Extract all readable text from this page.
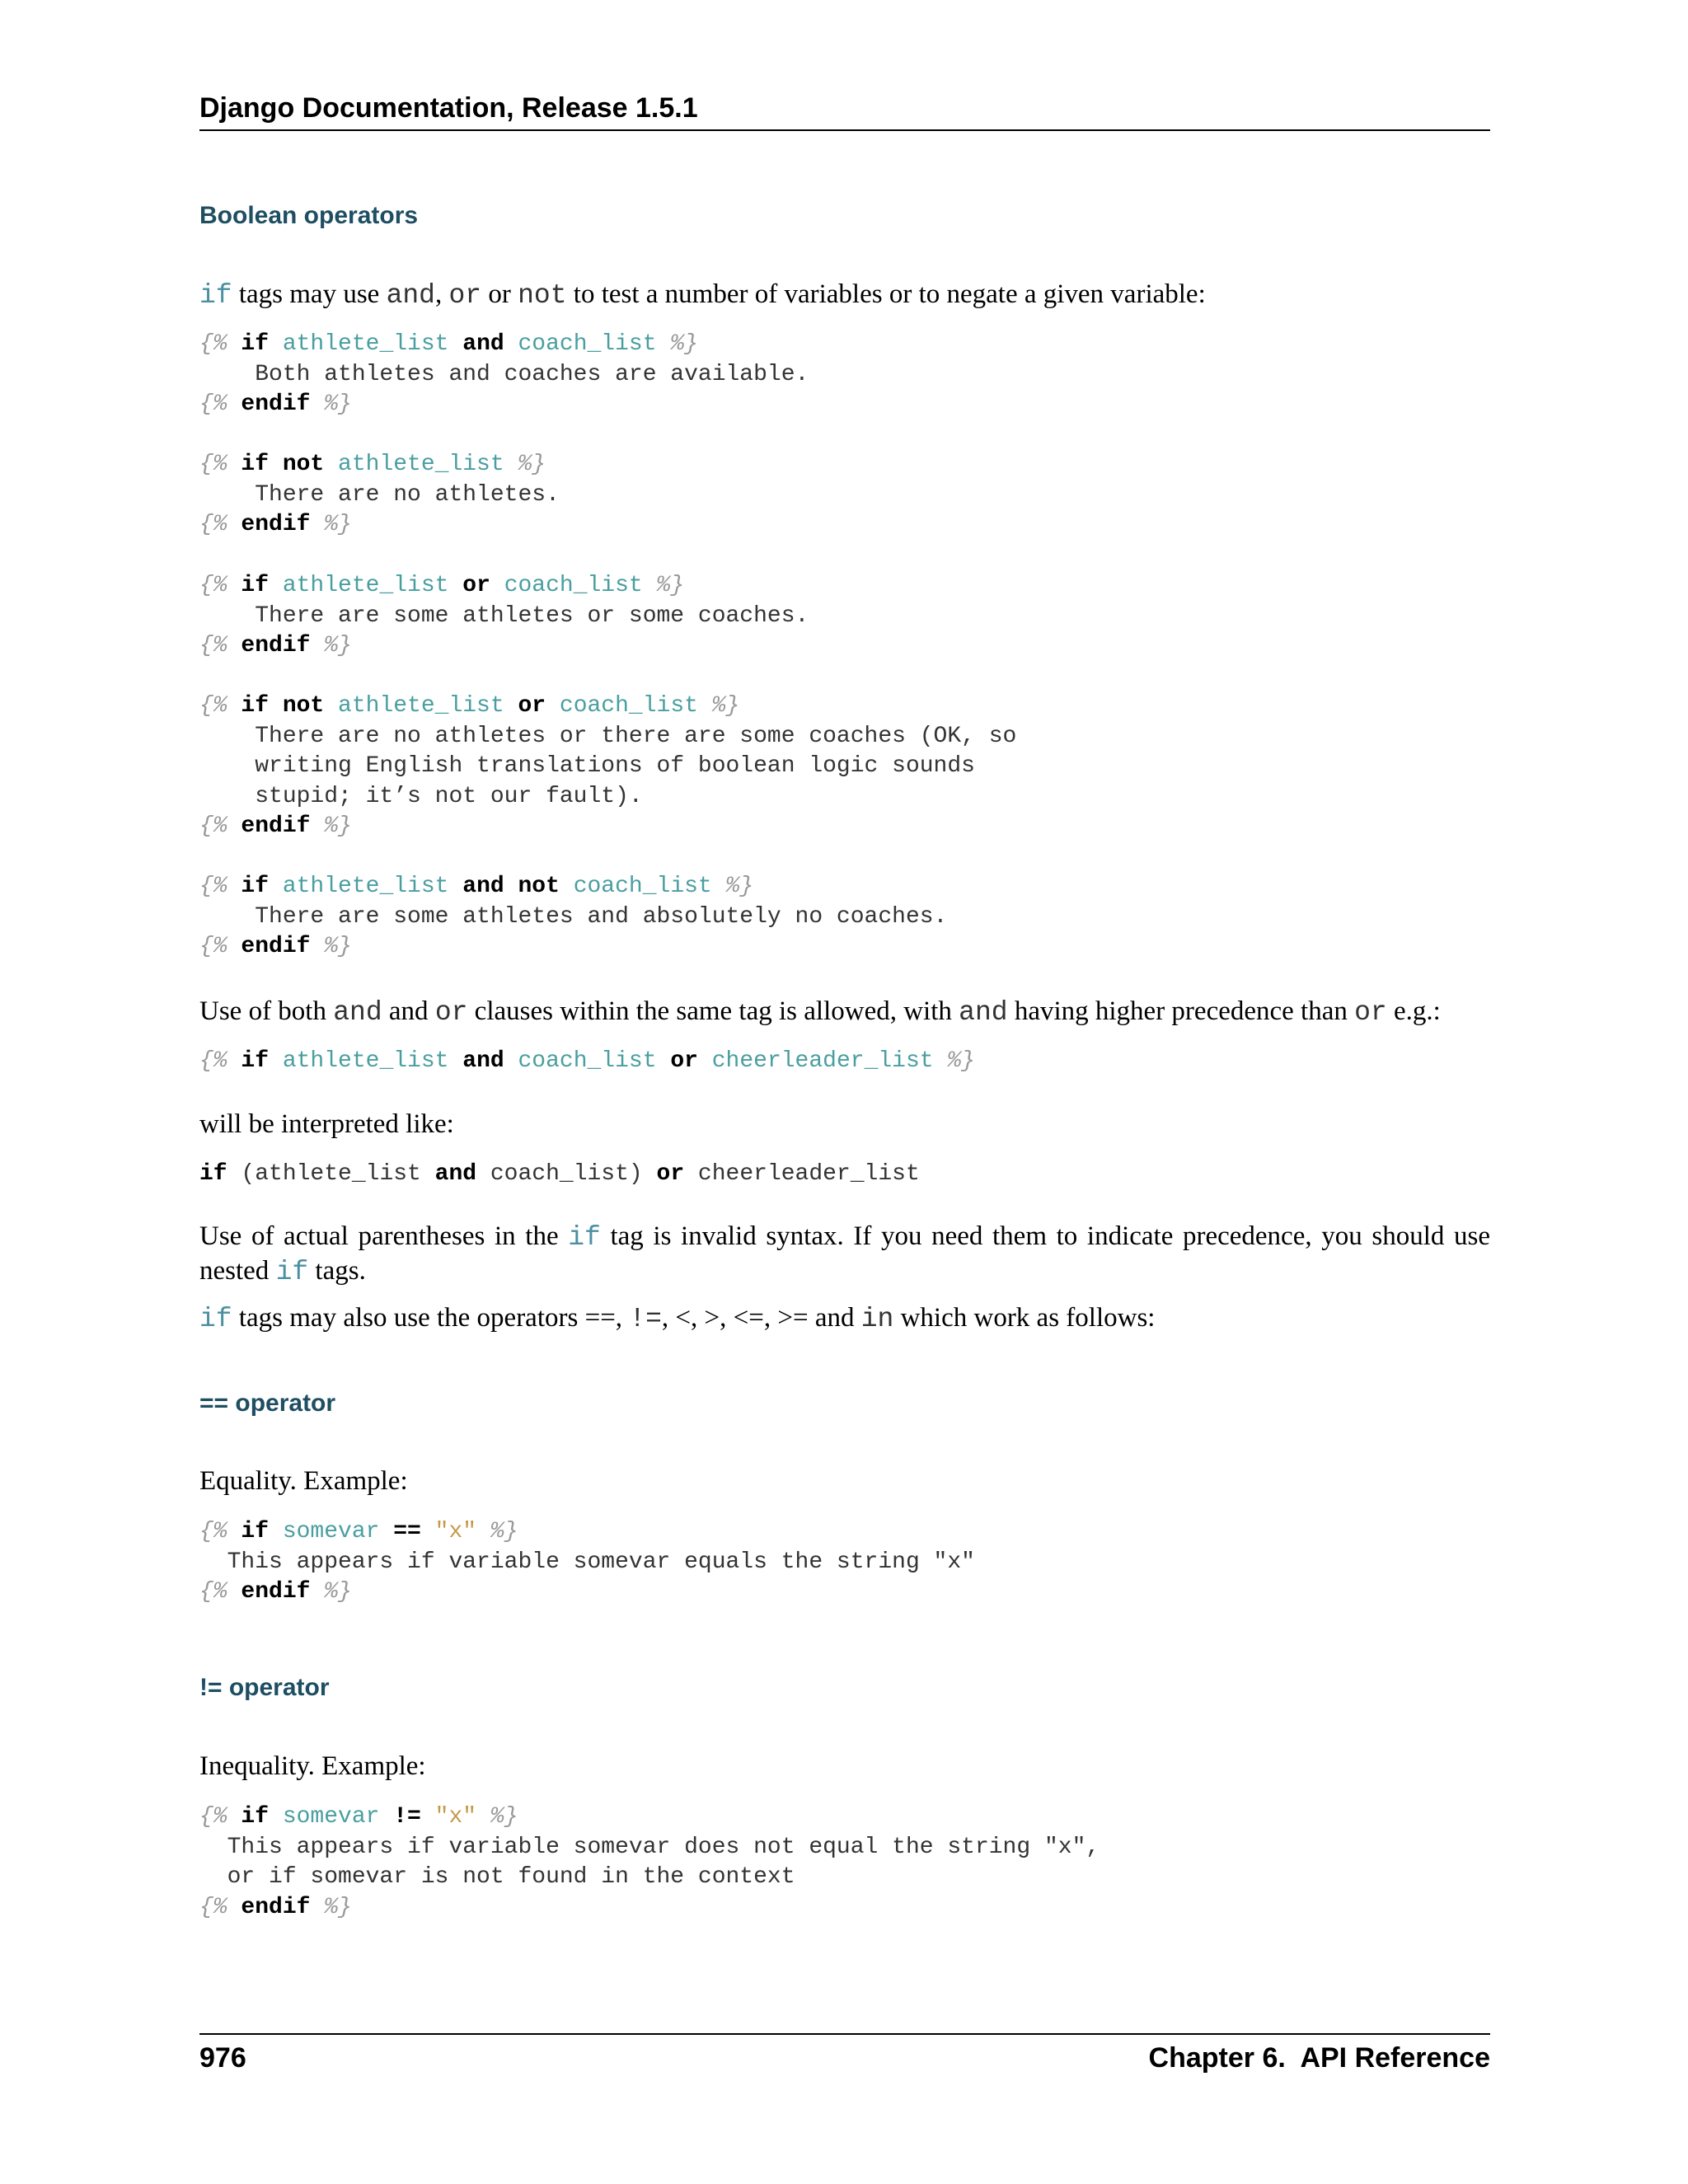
Django Documentation, Release 1.5.1
Boolean operators
if tags may use and, or or not to test a number of variables or to negate a given variable:
{% if athlete_list and coach_list %}
Both athletes and coaches are available.
{% endif %}
{% if not athlete_list %}
There are no athletes.
{% endif %}
{% if athlete_list or coach_list %}
There are some athletes or some coaches.
{% endif %}
{% if not athlete_list or coach_list %}
There are no athletes or there are some coaches (OK, so
writing English translations of boolean logic sounds
stupid; it’s not our fault).
{% endif %}
{% if athlete_list and not coach_list %}
There are some athletes and absolutely no coaches.
{% endif %}
Use of both and and or clauses within the same tag is allowed, with and having higher precedence than or e.g.:
{% if athlete_list and coach_list or cheerleader_list %}
will be interpreted like:
if (athlete_list and coach_list) or cheerleader_list
Use of actual parentheses in the if tag is invalid syntax. If you need them to indicate precedence, you should use nested if tags.
if tags may also use the operators ==, !=, <, >, <=, >= and in which work as follows:
== operator
Equality. Example:
{% if somevar == "x" %}
This appears if variable somevar equals the string "x"
{% endif %}
!= operator
Inequality. Example:
{% if somevar != "x" %}
This appears if variable somevar does not equal the string "x",
or if somevar is not found in the context
{% endif %}
976	Chapter 6.  API Reference
